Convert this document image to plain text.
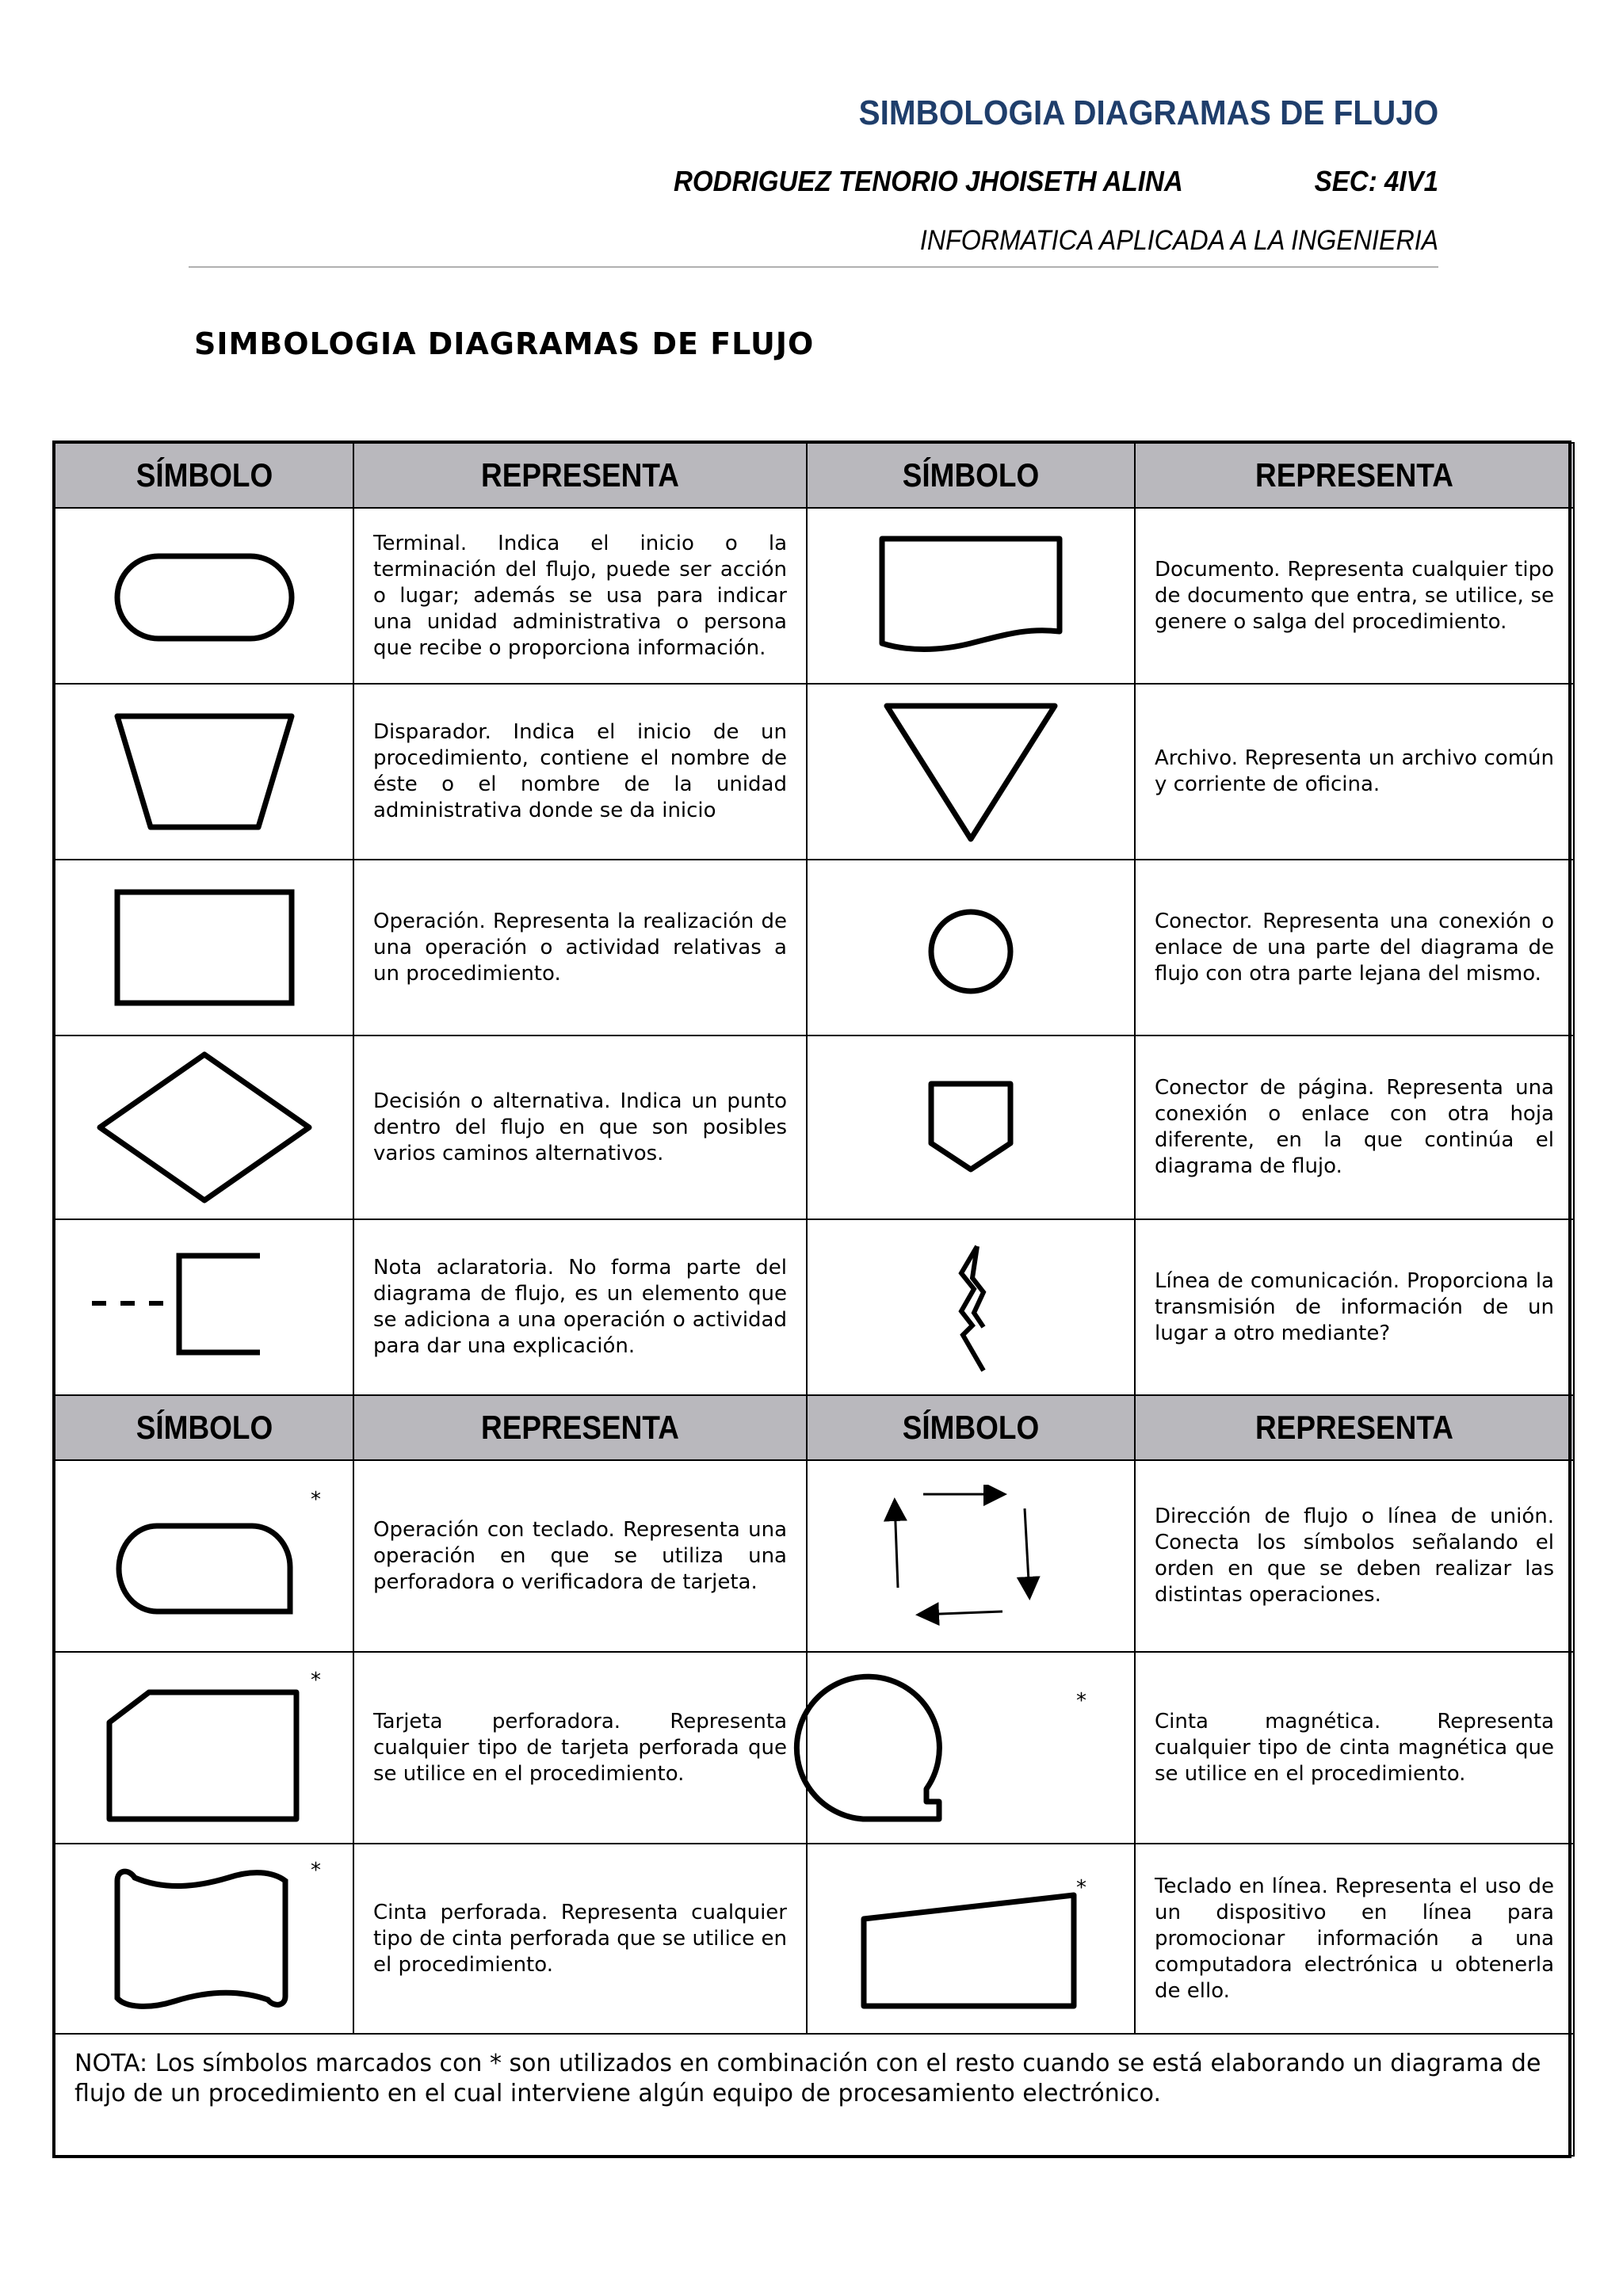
SIMBOLOGIA DIAGRAMAS DE FLUJO
RODRIGUEZ TENORIO JHOISETH ALINA	SEC: 4IV1
INFORMATICA APLICADA A LA INGENIERIA
SIMBOLOGIA DIAGRAMAS DE FLUJO
SÍMBOLO	REPRESENTA	SÍMBOLO	REPRESENTA

	Terminal. Indica el inicio o la terminación del flujo, puede ser acción o lugar; además se usa para indicar una unidad administrativa o persona que recibe o proporciona información.		Documento. Representa cualquier tipo de documento que entra, se utilice, se genere o salga del procedimiento.

	Disparador. Indica el inicio de un procedimiento, contiene el nombre de éste o el nombre de la unidad administrativa donde se da inicio		Archivo. Representa un archivo común y corriente de oficina.

	Operación. Representa la realización de una operación o actividad relativas a un procedimiento.		Conector. Representa una conexión o enlace de una parte del diagrama de flujo con otra parte lejana del mismo.

	Decisión o alternativa. Indica un punto dentro del flujo en que son posibles varios caminos alternativos.		Conector de página. Representa una conexión o enlace con otra hoja diferente, en la que continúa el diagrama de flujo.

	Nota aclaratoria. No forma parte del diagrama de flujo, es un elemento que se adiciona a una operación o actividad para dar una explicación.		Línea de comunicación. Proporciona la transmisión de información de un lugar a otro mediante?
SÍMBOLO	REPRESENTA	SÍMBOLO	REPRESENTA

*	Operación con teclado. Representa una operación en que se utiliza una perforadora o verificadora de tarjeta.		Dirección de flujo o línea de unión. Conecta los símbolos señalando el orden en que se deben realizar las distintas operaciones.

*	Tarjeta perforadora. Representa cualquier tipo de tarjeta perforada que se utilice en el procedimiento.	*	Cinta magnética. Representa cualquier tipo de cinta magnética que se utilice en el procedimiento.

*	Cinta perforada. Representa cualquier tipo de cinta perforada que se utilice en el procedimiento.	*	Teclado en línea. Representa el uso de un dispositivo en línea para promocionar información a una computadora electrónica u obtenerla de ello.
NOTA: Los símbolos marcados con * son utilizados en combinación con el resto cuando se está elaborando un diagrama de flujo de un procedimiento en el cual interviene algún equipo de procesamiento electrónico.			
